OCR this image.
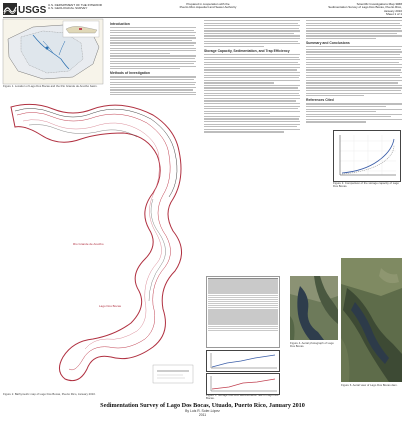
USGS U.S. DEPARTMENT OF THE INTERIOR
U.S. GEOLOGICAL SURVEY
Prepared in cooperation with the
Puerto Rico Aqueduct and Sewer Authority
Scientific Investigations Map 3###
Sedimentation Survey of Lago Dos Bocas, Puerto Rico, January 2010
Sheet 1 of 1
Figure 1. Location of Lago Dos Bocas and the Río Grande de Arecibo basin.
Introduction
Methods of Investigation
Storage Capacity, Sedimentation, and Trap Efficiency
Summary and Conclusions
References Cited
Figure 3. Comparison of the storage capacity of Lago Dos Bocas.
Río Grande de Arecibo
Lago Dos Bocas
Figure 2. Bathymetric map of Lago Dos Bocas, Puerto Rico, January 2010.	Figure 5. Storage loss and sedimentation rate of Lago Dos Bocas.
Figure 4. Aerial photograph of Lago Dos Bocas.
Figure 6. Aerial view of Lago Dos Bocas dam.
Sedimentation Survey of Lago Dos Bocas, Utuado, Puerto Rico, January 2010
By Luis R. Soler-López
2011
